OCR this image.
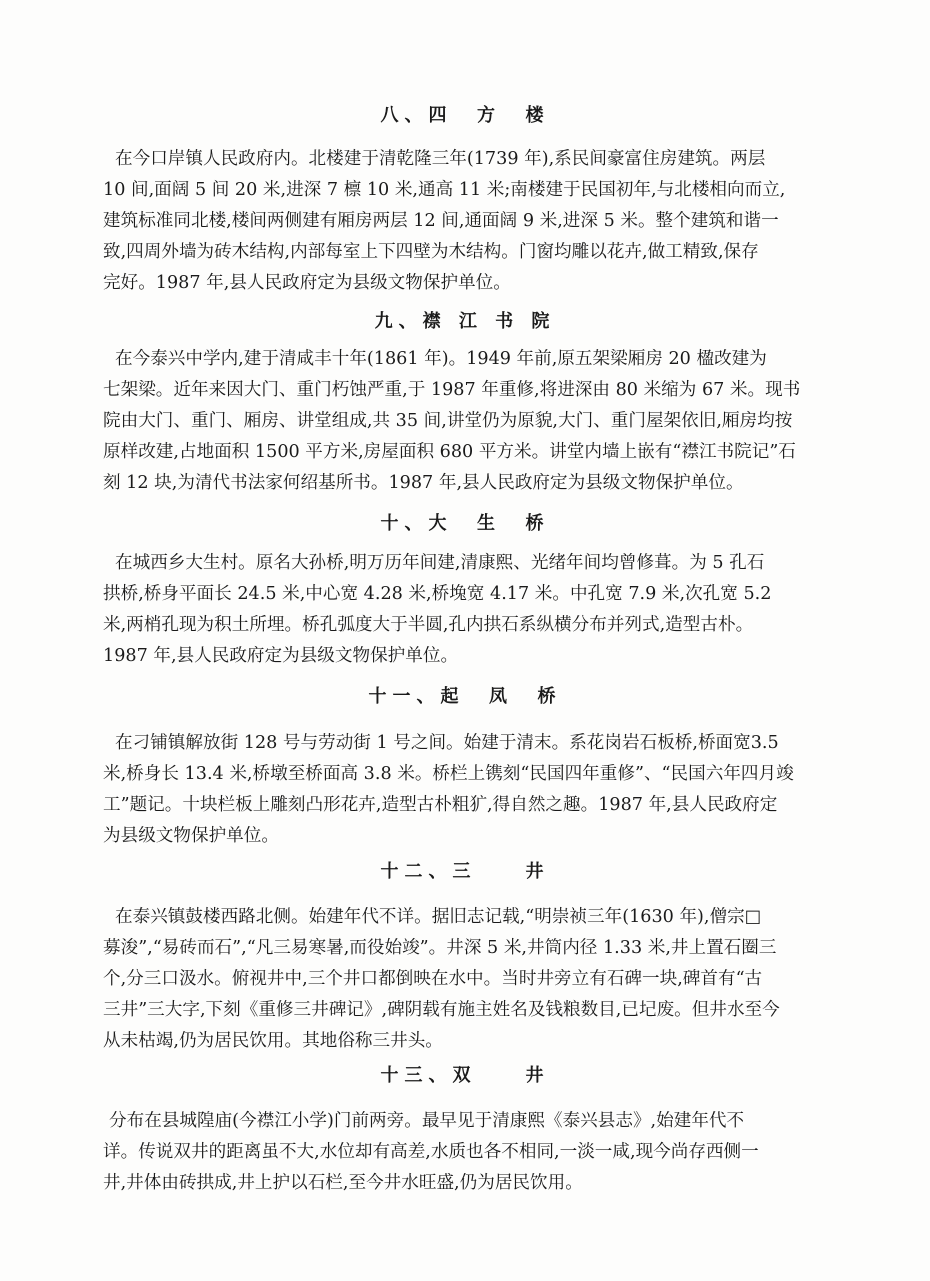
八、四  方  楼
在今口岸镇人民政府内。北楼建于清乾隆三年(1739 年),系民间豪富住房建筑。两层
10 间,面阔 5 间 20 米,进深 7 檩 10 米,通高 11 米;南楼建于民国初年,与北楼相向而立,
建筑标准同北楼,楼间两侧建有厢房两层 12 间,通面阔 9 米,进深 5 米。整个建筑和谐一
致,四周外墙为砖木结构,内部每室上下四壁为木结构。门窗均雕以花卉,做工精致,保存
完好。1987 年,县人民政府定为县级文物保护单位。
九、襟 江 书 院
在今泰兴中学内,建于清咸丰十年(1861 年)。1949 年前,原五架梁厢房 20 楹改建为
七架梁。近年来因大门、重门朽蚀严重,于 1987 年重修,将进深由 80 米缩为 67 米。现书
院由大门、重门、厢房、讲堂组成,共 35 间,讲堂仍为原貌,大门、重门屋架依旧,厢房均按
原样改建,占地面积 1500 平方米,房屋面积 680 平方米。讲堂内墙上嵌有“襟江书院记”石
刻 12 块,为清代书法家何绍基所书。1987 年,县人民政府定为县级文物保护单位。
十、大  生  桥
在城西乡大生村。原名大孙桥,明万历年间建,清康熙、光绪年间均曾修葺。为 5 孔石
拱桥,桥身平面长 24.5 米,中心宽 4.28 米,桥堍宽 4.17 米。中孔宽 7.9 米,次孔宽 5.2
米,两梢孔现为积土所埋。桥孔弧度大于半圆,孔内拱石系纵横分布并列式,造型古朴。
1987 年,县人民政府定为县级文物保护单位。
十一、起  凤  桥
在刁铺镇解放街 128 号与劳动街 1 号之间。始建于清末。系花岗岩石板桥,桥面宽3.5
米,桥身长 13.4 米,桥墩至桥面高 3.8 米。桥栏上镌刻“民国四年重修”、“民国六年四月竣
工”题记。十块栏板上雕刻凸形花卉,造型古朴粗犷,得自然之趣。1987 年,县人民政府定
为县级文物保护单位。
十二、三    井
在泰兴镇鼓楼西路北侧。始建年代不详。据旧志记载,“明崇祯三年(1630 年),僧宗□
募浚”,“易砖而石”,“凡三易寒暑,而役始竣”。井深 5 米,井筒内径 1.33 米,井上置石圈三
个,分三口汲水。俯视井中,三个井口都倒映在水中。当时井旁立有石碑一块,碑首有“古
三井”三大字,下刻《重修三井碑记》,碑阴载有施主姓名及钱粮数目,已圮废。但井水至今
从未枯竭,仍为居民饮用。其地俗称三井头。
十三、双    井
分布在县城隍庙(今襟江小学)门前两旁。最早见于清康熙《泰兴县志》,始建年代不
详。传说双井的距离虽不大,水位却有高差,水质也各不相同,一淡一咸,现今尚存西侧一
井,井体由砖拱成,井上护以石栏,至今井水旺盛,仍为居民饮用。
